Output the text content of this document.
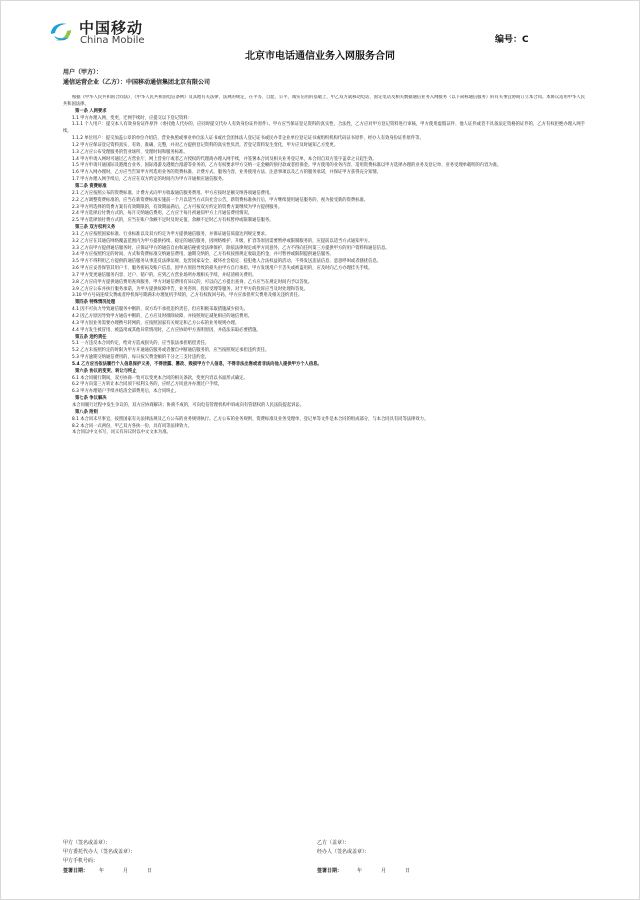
中国移动
China Mobile	编号：C
北京市电话通信业务入网服务合同
用户（甲方）：
通信运营企业（乙方）：中国移动通信集团北京有限公司

根据《中华人民共和国合同法》、《中华人民共和国电信条例》及其他有关法律、法规的规定，在平等、自愿、公平、诚实信用的基础上，甲乙双方就移动电话、固定电话及相关数据通信业务入网服务（以下简称通信服务）的有关事宜协商订立本合同。本协议适用中华人民共和国法律。

第一条 入网要求

1.1 甲方办理入网、变更、迁网手续时，应提交以下登记资料：

1.1.1 个人用户：提交本人有效身份证件原件（委托他人代办的，应同时提交代办人有效身份证件原件）。甲方应当保证登记资料的真实性、合法性，乙方应对甲方登记资料进行审核，甲方使用虚假证件、他人证件或者不具备法定资格的证件的，乙方有权拒绝办理入网手续。

1.1.2 单位用户：提交加盖公章的单位介绍信、营业执照或事业单位法人证书或社会团体法人登记证书或民办非企业单位登记证书或组织机构代码证书原件、经办人有效身份证件原件等。

1.2 甲方应保证登记资料真实、有效、准确、完整，并对乙方提供登记资料的真实性负责。若登记资料发生变化，甲方应及时通知乙方变更。

1.3 乙方应公布受理服务的营业场所、受理时间和服务标准。

1.4 甲方申请入网时可通过乙方营业厅、网上营业厅或者乙方授权的代理商办理入网手续，并签署本合同及相关业务登记单，本合同自双方签字盖章之日起生效。

1.5 甲方申请开通国际及港澳台业务、国际漫游及港澳台漫游等业务的，乙方有权要求甲方交纳一定金额的预付款或者担保金。甲方使用的业务内容、适用资费标准以甲方选择办理的业务及登记单、业务受理单载明的内容为准。

1.6 甲方入网办理时，乙方应当告知甲方所选用业务的资费标准、计费方式、服务内容、业务使用方法、注意事项以及乙方的服务承诺，并保证甲方获得充分知情。

1.7 甲方办理入网手续后，乙方应在双方约定的时间内为甲方开通相应通信服务。

第二条 资费标准

2.1 乙方应按照公布的资费标准、计费方式向甲方收取通信服务费用。甲方应按时足额交纳各项通信费用。

2.2 乙方调整资费标准的，应当在新资费标准实施前一个月以适当方式向社会公告，新资费标准执行后，甲方继续使用通信服务的，视为接受新的资费标准。

2.3 甲方所选择的资费方案有有效期限的，有效期届满后，乙方可按双方约定的资费方案继续为甲方提供服务。

2.4 甲方选择后付费方式的，每月交纳通信费用，乙方应于每月初通知甲方上月通信费用情况。

2.5 甲方选择预付费方式的，应当在账户余额不足时及时充值，余额不足时乙方有权暂停或限制通信服务。

第三条 双方权利义务

3.1 乙方应按照国家标准、行业标准以及双方约定为甲方提供通信服务，并保证通信质量达到规定要求。

3.2 乙方应在其通信网络覆盖范围内为甲方提供持续、稳定的通信服务，因网络维护、升级、扩容等原因需要暂停或限制服务的，应提前以适当方式通知甲方。

3.3 乙方向甲方提供通信服务时，应保证甲方的通信自由和通信秘密受法律保护，除依法律规定或甲方同意外，乙方不得向任何第三方提供甲方的用户资料和通信信息。

3.4 甲方应按照约定的时间、方式和资费标准交纳通信费用，逾期交纳的，乙方有权按照规定收取违约金，并可暂停或限制提供通信服务。

3.5 甲方不得利用乙方提供的通信服务从事违反法律法规、危害国家安全、破坏社会稳定、侵犯他人合法权益的活动，不得发送违法信息、恶意呼叫或者骚扰信息。

3.6 甲方应妥善保管其用户卡、服务密码及账户信息，因甲方原因导致的损失由甲方自行承担。甲方发现用户卡丢失或被盗用的，应及时向乙方办理挂失手续。

3.7 甲方变更通信服务内容、过户、销户的，应到乙方营业场所办理相关手续，并结清相关费用。

3.8 乙方应向甲方提供通信费用查询服务，甲方对通信费用有异议的，可以向乙方提出查询，乙方应当在规定时间内予以答复。

3.9 乙方应公布并执行服务承诺，为甲方提供故障申告、业务咨询、投诉受理等服务，对于甲方的投诉应当及时处理和答复。

3.10 甲方号码连续欠费或者停机保号期满未办理复机手续的，乙方有权收回号码，甲方应承担所欠费用及相关违约责任。

第四条 特殊情况处理

4.1 因不可抗力导致通信服务中断的，双方均不承担违约责任，但应积极采取措施减少损失。

4.2 因乙方原因导致甲方通信中断的，乙方应及时排除故障，并按照规定减免相应的通信费用。

4.3 甲方因业务需要办理携号转网的，应按照国家有关规定和乙方公布的业务规则办理。

4.4 甲方发生被冒用、被盗用或其他异常情况时，乙方应协助甲方查明原因，并依法采取必要措施。

第五条 违约责任

5.1 一方违反本合同约定，给对方造成损失的，应当依法承担赔偿责任。

5.2 乙方未按照约定的时限为甲方开通通信服务或者擅自中断通信服务的，应当按照规定承担违约责任。

5.3 甲方逾期交纳通信费用的，每日按欠费金额的千分之三支付违约金。

5.4 乙方应当依法履行个人信息保护义务，不得泄露、篡改、毁损甲方个人信息，不得非法出售或者非法向他人提供甲方个人信息。

第六条 协议的变更、转让与终止

6.1 本合同履行期间，双方协商一致可以变更本合同的相关条款，变更内容以书面形式确定。

6.2 甲方向第三方转让本合同项下权利义务的，应经乙方同意并办理过户手续。

6.3 甲方办理销户手续并结清全部费用后，本合同终止。

第七条 争议解决

本合同履行过程中发生争议的，双方应协商解决；协商不成的，可向电信管理机构申诉或向有管辖权的人民法院提起诉讼。

第八条 附则

8.1 本合同未尽事宜，按照国家有关法律法规及乙方公布的业务规则执行。乙方公布的业务规则、资费标准及业务受理单、登记单等文件是本合同的组成部分，与本合同具有同等法律效力。

8.2 本合同一式两份，甲乙双方各执一份，具有同等法律效力。

本合同以中文书写，词义有异议时以中文文本为准。

甲方（签名或盖章）：	乙方（盖章）：
甲方委托代办人（签名或盖章）：	经办人（签名或盖章）：
甲方手机号码：
签署日期： 年	月	日	签署日期：	年	月	日
